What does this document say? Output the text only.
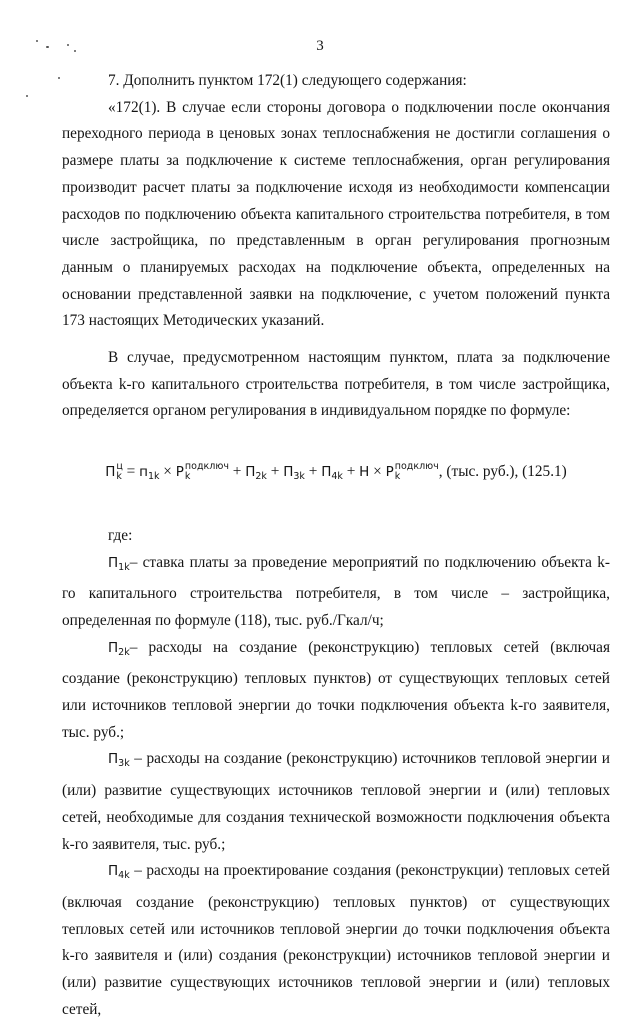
3

7. Дополнить пунктом 172(1) следующего содержания:

«172(1). В случае если стороны договора о подключении после окончания переходного периода в ценовых зонах теплоснабжения не достигли соглашения о размере платы за подключение к системе теплоснабжения, орган регулирования производит расчет платы за подключение исходя из необходимости компенсации расходов по подключению объекта капитального строительства потребителя, в том числе застройщика, по представленным в орган регулирования прогнозным данным о планируемых расходах на подключение объекта, определенных на основании представленной заявки на подключение, с учетом положений пункта 173 настоящих Методических указаний.

В случае, предусмотренном настоящим пунктом, плата за подключение объекта k-го капитального строительства потребителя, в том числе застройщика, определяется органом регулирования в индивидуальном порядке по формуле:

П ц
$k = п_{1k} \times P$ подключ
k	+ $П_{2k} + П_{3k} + П_{4k} + Н \times P$ подключ
k	, (тыс. руб.), (125.1)

где:

$П_{1k}-$ ставка платы за проведение мероприятий по подключению объекта k-го капитального строительства потребителя, в том числе – застройщика, определенная по формуле (118), тыс. руб./Гкал/ч;

$П_{2k}-$ расходы на создание (реконструкцию) тепловых сетей (включая создание (реконструкцию) тепловых пунктов) от существующих тепловых сетей или источников тепловой энергии до точки подключения объекта k-го заявителя, тыс. руб.;

$П_{3k}$ – расходы на создание (реконструкцию) источников тепловой энергии и (или) развитие существующих источников тепловой энергии и (или) тепловых сетей, необходимые для создания технической возможности подключения объекта k-го заявителя, тыс. руб.;

$П_{4k}$ – расходы на проектирование создания (реконструкции) тепловых сетей (включая создание (реконструкцию) тепловых пунктов) от существующих тепловых сетей или источников тепловой энергии до точки подключения объекта k-го заявителя и (или) создания (реконструкции) источников тепловой энергии и (или) развитие существующих источников тепловой энергии и (или) тепловых сетей,
